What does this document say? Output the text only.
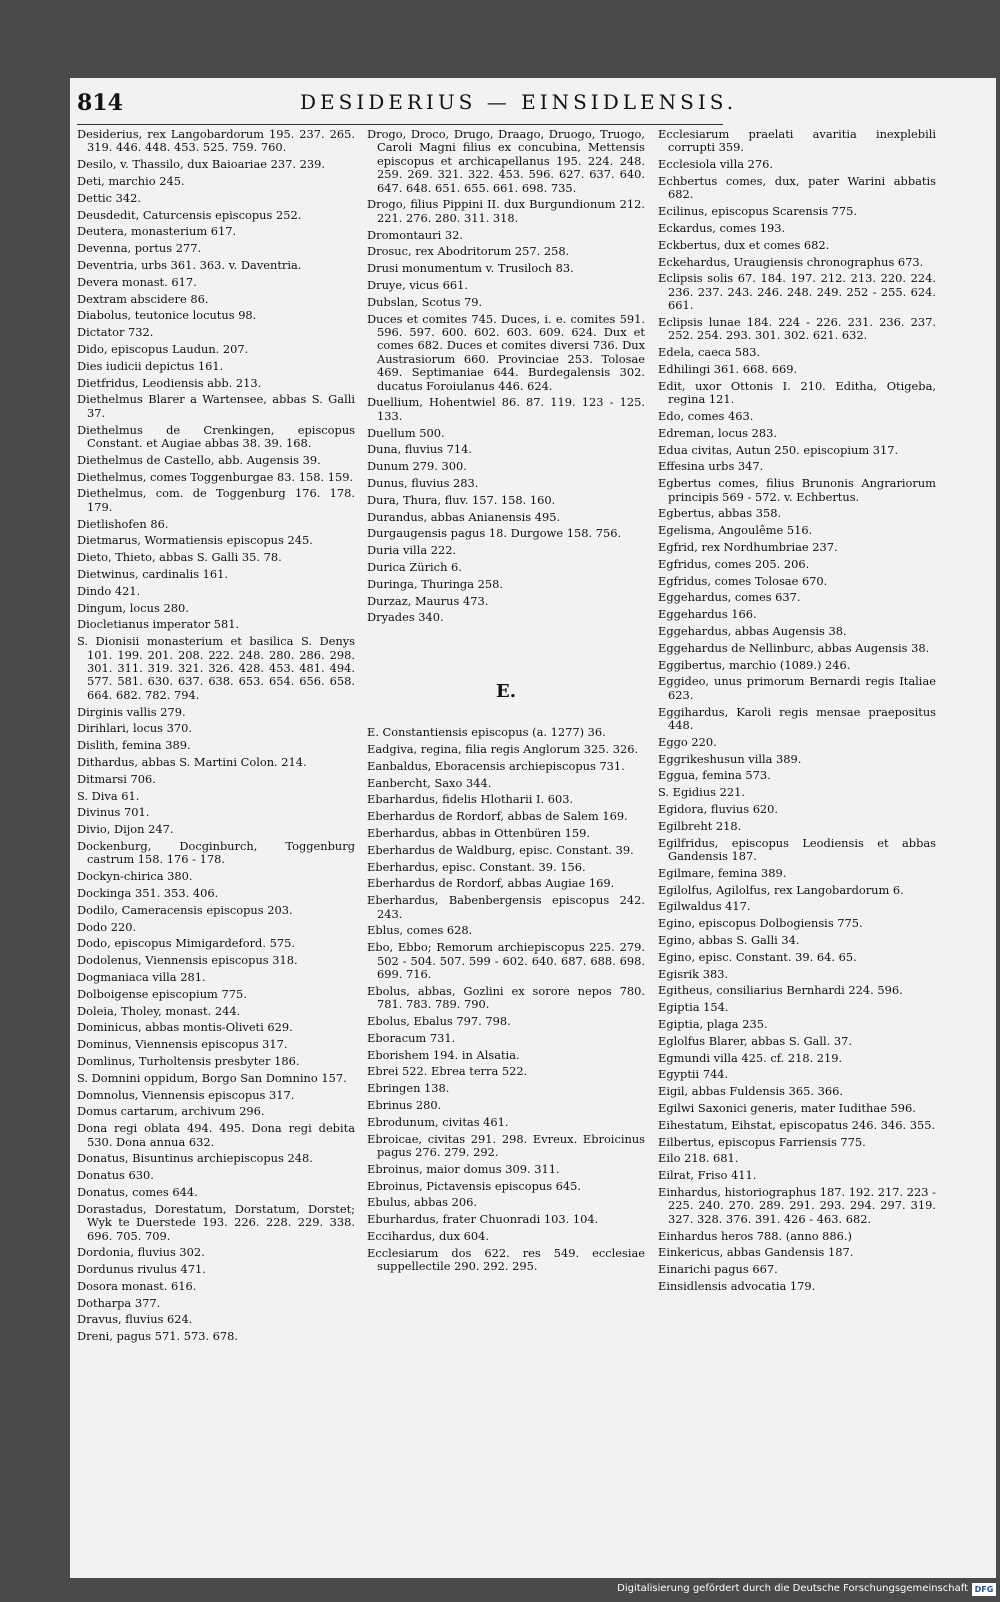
814	DESIDERIUS — EINSIDLENSIS.

Desiderius, rex Langobardorum 195. 237. 265. 319. 446. 448. 453. 525. 759. 760.

Desilo, v. Thassilo, dux Baioariae 237. 239.

Deti, marchio 245.

Dettic 342.

Deusdedit, Caturcensis episcopus 252.

Deutera, monasterium 617.

Devenna, portus 277.

Deventria, urbs 361. 363. v. Daventria.

Devera monast. 617.

Dextram abscidere 86.

Diabolus, teutonice locutus 98.

Dictator 732.

Dido, episcopus Laudun. 207.

Dies iudicii depictus 161.

Dietfridus, Leodiensis abb. 213.

Diethelmus Blarer a Wartensee, abbas S. Galli 37.

Diethelmus de Crenkingen, episcopus Constant. et Augiae abbas 38. 39. 168.

Diethelmus de Castello, abb. Augensis 39.

Diethelmus, comes Toggenburgae 83. 158. 159.

Diethelmus, com. de Toggenburg 176. 178. 179.

Dietlishofen 86.

Dietmarus, Wormatiensis episcopus 245.

Dieto, Thieto, abbas S. Galli 35. 78.

Dietwinus, cardinalis 161.

Dindo 421.

Dingum, locus 280.

Diocletianus imperator 581.

S. Dionisii monasterium et basilica S. Denys 101. 199. 201. 208. 222. 248. 280. 286. 298. 301. 311. 319. 321. 326. 428. 453. 481. 494. 577. 581. 630. 637. 638. 653. 654. 656. 658. 664. 682. 782. 794.

Dirginis vallis 279.

Dirihlari, locus 370.

Dislith, femina 389.

Dithardus, abbas S. Martini Colon. 214.

Ditmarsi 706.

S. Diva 61.

Divinus 701.

Divio, Dijon 247.

Dockenburg, Docginburch, Toggenburg castrum 158. 176 - 178.

Dockyn-chirica 380.

Dockinga 351. 353. 406.

Dodilo, Cameracensis episcopus 203.

Dodo 220.

Dodo, episcopus Mimigardeford. 575.

Dodolenus, Viennensis episcopus 318.

Dogmaniaca villa 281.

Dolboigense episcopium 775.

Doleia, Tholey, monast. 244.

Dominicus, abbas montis-Oliveti 629.

Dominus, Viennensis episcopus 317.

Domlinus, Turholtensis presbyter 186.

S. Domnini oppidum, Borgo San Domnino 157.

Domnolus, Viennensis episcopus 317.

Domus cartarum, archivum 296.

Dona regi oblata 494. 495. Dona regi debita 530. Dona annua 632.

Donatus, Bisuntinus archiepiscopus 248.

Donatus 630.

Donatus, comes 644.

Dorastadus, Dorestatum, Dorstatum, Dorstet; Wyk te Duerstede 193. 226. 228. 229. 338. 696. 705. 709.

Dordonia, fluvius 302.

Dordunus rivulus 471.

Dosora monast. 616.

Dotharpa 377.

Dravus, fluvius 624.

Dreni, pagus 571. 573. 678.

Drogo, Droco, Drugo, Draago, Druogo, Truogo, Caroli Magni filius ex concubina, Mettensis episcopus et archicapellanus 195. 224. 248. 259. 269. 321. 322. 453. 596. 627. 637. 640. 647. 648. 651. 655. 661. 698. 735.

Drogo, filius Pippini II. dux Burgundionum 212. 221. 276. 280. 311. 318.

Dromontauri 32.

Drosuc, rex Abodritorum 257. 258.

Drusi monumentum v. Trusiloch 83.

Druye, vicus 661.

Dubslan, Scotus 79.

Duces et comites 745. Duces, i. e. comites 591. 596. 597. 600. 602. 603. 609. 624. Dux et comes 682. Duces et comites diversi 736. Dux Austrasiorum 660. Provinciae 253. Tolosae 469. Septimaniae 644. Burdegalensis 302. ducatus Foroiulanus 446. 624.

Duellium, Hohentwiel 86. 87. 119. 123 - 125. 133.

Duellum 500.

Duna, fluvius 714.

Dunum 279. 300.

Dunus, fluvius 283.

Dura, Thura, fluv. 157. 158. 160.

Durandus, abbas Anianensis 495.

Durgaugensis pagus 18. Durgowe 158. 756.

Duria villa 222.

Durica Zürich 6.

Duringa, Thuringa 258.

Durzaz, Maurus 473.

Dryades 340.

E.

E. Constantiensis episcopus (a. 1277) 36.

Eadgiva, regina, filia regis Anglorum 325. 326.

Eanbaldus, Eboracensis archiepiscopus 731.

Eanbercht, Saxo 344.

Ebarhardus, fidelis Hlotharii I. 603.

Eberhardus de Rordorf, abbas de Salem 169.

Eberhardus, abbas in Ottenbüren 159.

Eberhardus de Waldburg, episc. Constant. 39.

Eberhardus, episc. Constant. 39. 156.

Eberhardus de Rordorf, abbas Augiae 169.

Eberhardus, Babenbergensis episcopus 242. 243.

Eblus, comes 628.

Ebo, Ebbo; Remorum archiepiscopus 225. 279. 502 - 504. 507. 599 - 602. 640. 687. 688. 698. 699. 716.

Ebolus, abbas, Gozlini ex sorore nepos 780. 781. 783. 789. 790.

Ebolus, Ebalus 797. 798.

Eboracum 731.

Eborishem 194. in Alsatia.

Ebrei 522. Ebrea terra 522.

Ebringen 138.

Ebrinus 280.

Ebrodunum, civitas 461.

Ebroicae, civitas 291. 298. Evreux. Ebroicinus pagus 276. 279. 292.

Ebroinus, maior domus 309. 311.

Ebroinus, Pictavensis episcopus 645.

Ebulus, abbas 206.

Eburhardus, frater Chuonradi 103. 104.

Eccihardus, dux 604.

Ecclesiarum dos 622. res 549. ecclesiae suppellectile 290. 292. 295.

Ecclesiarum praelati avaritia inexplebili corrupti 359.

Ecclesiola villa 276.

Echbertus comes, dux, pater Warini abbatis 682.

Ecilinus, episcopus Scarensis 775.

Eckardus, comes 193.

Eckbertus, dux et comes 682.

Eckehardus, Uraugiensis chronographus 673.

Eclipsis solis 67. 184. 197. 212. 213. 220. 224. 236. 237. 243. 246. 248. 249. 252 - 255. 624. 661.

Eclipsis lunae 184. 224 - 226. 231. 236. 237. 252. 254. 293. 301. 302. 621. 632.

Edela, caeca 583.

Edhilingi 361. 668. 669.

Edit, uxor Ottonis I. 210. Editha, Otigeba, regina 121.

Edo, comes 463.

Edreman, locus 283.

Edua civitas, Autun 250. episcopium 317.

Effesina urbs 347.

Egbertus comes, filius Brunonis Angrariorum principis 569 - 572. v. Echbertus.

Egbertus, abbas 358.

Egelisma, Angoulême 516.

Egfrid, rex Nordhumbriae 237.

Egfridus, comes 205. 206.

Egfridus, comes Tolosae 670.

Eggehardus, comes 637.

Eggehardus 166.

Eggehardus, abbas Augensis 38.

Eggehardus de Nellinburc, abbas Augensis 38.

Eggibertus, marchio (1089.) 246.

Eggideo, unus primorum Bernardi regis Italiae 623.

Eggihardus, Karoli regis mensae praepositus 448.

Eggo 220.

Eggrikeshusun villa 389.

Eggua, femina 573.

S. Egidius 221.

Egidora, fluvius 620.

Egilbreht 218.

Egilfridus, episcopus Leodiensis et abbas Gandensis 187.

Egilmare, femina 389.

Egilolfus, Agilolfus, rex Langobardorum 6.

Egilwaldus 417.

Egino, episcopus Dolbogiensis 775.

Egino, abbas S. Galli 34.

Egino, episc. Constant. 39. 64. 65.

Egisrik 383.

Egitheus, consiliarius Bernhardi 224. 596.

Egiptia 154.

Egiptia, plaga 235.

Eglolfus Blarer, abbas S. Gall. 37.

Egmundi villa 425. cf. 218. 219.

Egyptii 744.

Eigil, abbas Fuldensis 365. 366.

Egilwi Saxonici generis, mater Iudithae 596.

Eihestatum, Eihstat, episcopatus 246. 346. 355.

Eilbertus, episcopus Farriensis 775.

Eilo 218. 681.

Eilrat, Friso 411.

Einhardus, historiographus 187. 192. 217. 223 - 225. 240. 270. 289. 291. 293. 294. 297. 319. 327. 328. 376. 391. 426 - 463. 682.

Einhardus heros 788. (anno 886.)

Einkericus, abbas Gandensis 187.

Einarichi pagus 667.

Einsidlensis advocatia 179.

Digitalisierung gefördert durch die Deutsche Forschungsgemeinschaft DFG
